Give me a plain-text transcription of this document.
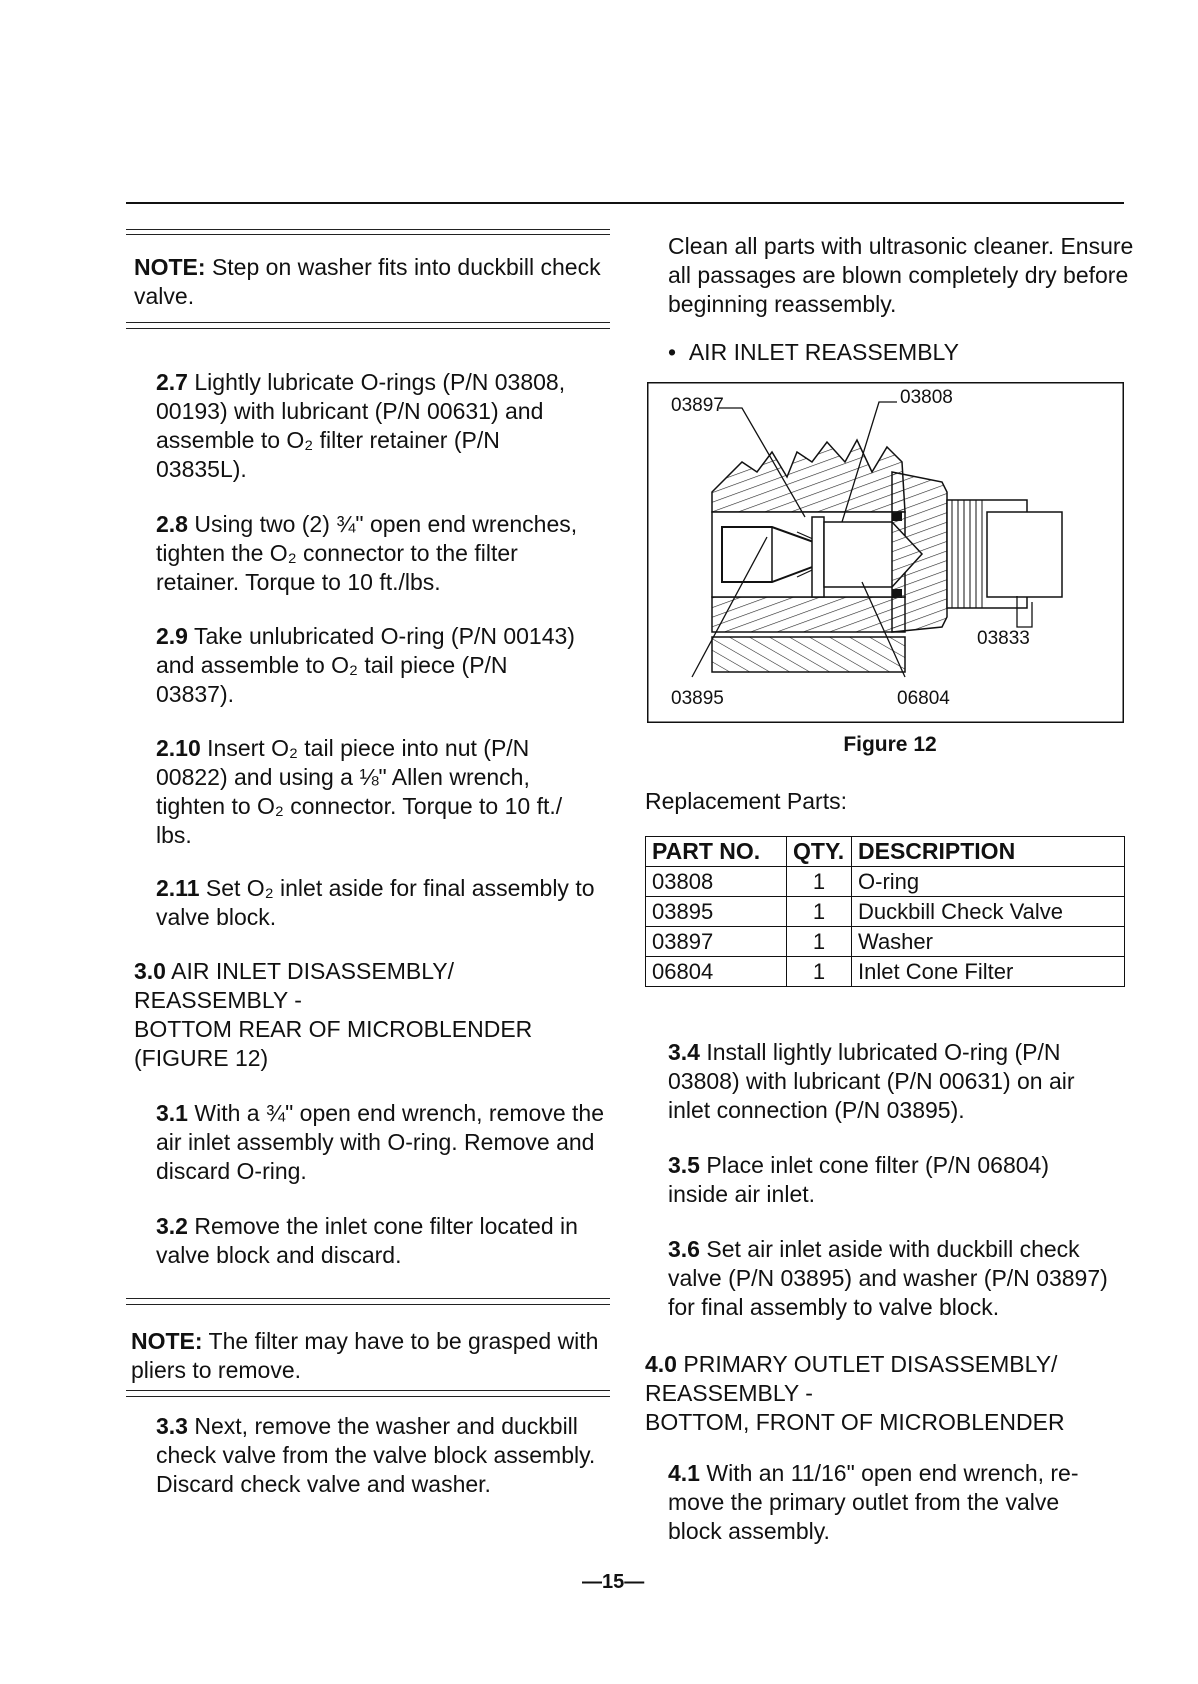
NOTE: Step on washer fits into duckbill check valve.
2.7 Lightly lubricate O-rings (P/N 03808, 00193) with lubricant (P/N 00631) and assemble to O₂ filter retainer (P/N 03835L).
2.8 Using two (2) ¾" open end wrenches, tighten the O₂ connector to the filter retainer. Torque to 10 ft./lbs.
2.9 Take unlubricated O-ring (P/N 00143) and assemble to O₂ tail piece (P/N 03837).
2.10 Insert O₂ tail piece into nut (P/N 00822) and using a ⅛" Allen wrench, tighten to O₂ connector. Torque to 10 ft./ lbs.
2.11 Set O₂ inlet aside for final assembly to valve block.
3.0 AIR INLET DISASSEMBLY/
REASSEMBLY -
BOTTOM REAR OF MICROBLENDER
(FIGURE 12)
3.1 With a ¾" open end wrench, remove the air inlet assembly with O-ring. Remove and discard O-ring.
3.2 Remove the inlet cone filter located in valve block and discard.
NOTE: The filter may have to be grasped with pliers to remove.
3.3 Next, remove the washer and duckbill check valve from the valve block assembly. Discard check valve and washer.
Clean all parts with ultrasonic cleaner. Ensure all passages are blown completely dry before beginning reassembly.
•  AIR INLET REASSEMBLY
03897	03808
03833
03895	06804
Figure 12
Replacement Parts:
PART NO.	QTY.	DESCRIPTION
03808	1	O-ring
03895	1	Duckbill Check Valve
03897	1	Washer
06804	1	Inlet Cone Filter
3.4 Install lightly lubricated O-ring (P/N 03808) with lubricant (P/N 00631) on air inlet connection (P/N 03895).
3.5 Place inlet cone filter (P/N 06804) inside air inlet.
3.6 Set air inlet aside with duckbill check valve (P/N 03895) and washer (P/N 03897) for final assembly to valve block.
4.0 PRIMARY OUTLET DISASSEMBLY/
REASSEMBLY -
BOTTOM, FRONT OF MICROBLENDER
4.1 With an 11/16" open end wrench, re-move the primary outlet from the valve block assembly.
—15—
